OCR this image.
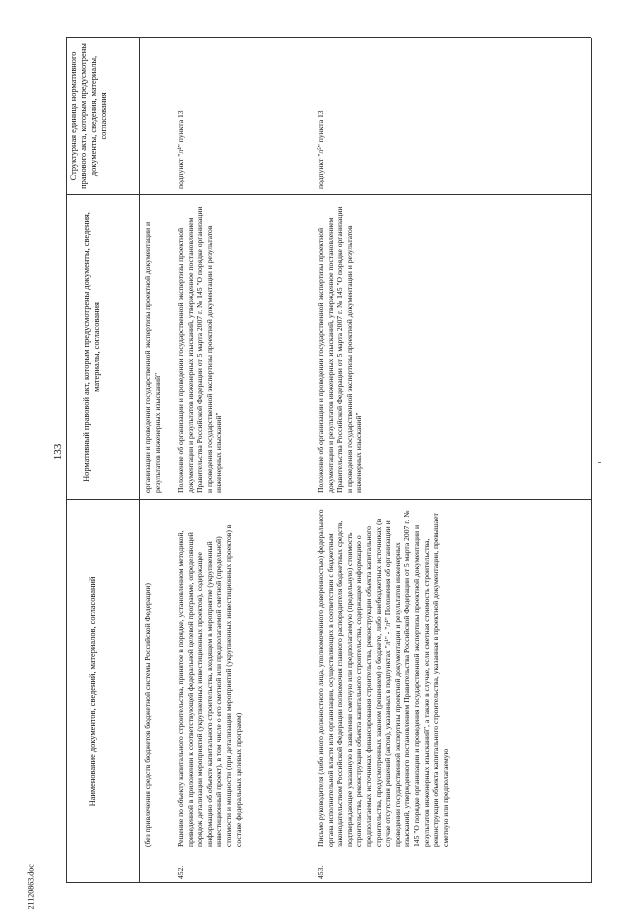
133
21120863.doc
Наименование документов, сведений, материалов, согласований
Нормативный правовой акт, которым предусмотрены документы, сведения, материалы, согласования
Структурная единица нормативного правового акта, которым предусмотрены документы, сведения, материалы, согласования
(без привлечения средств бюджетов бюджетной системы Российской Федерации)
организации и проведении государственной экспертизы проектной документации и результатов инженерных изысканий"
452.
Решение по объекту капитального строительства, принятое в порядке, установленном методикой, приведенной в приложении к соответствующей федеральной целевой программе, определяющей порядок детализации мероприятий (укрупненных инвестиционных проектов), содержащее информацию об объекте капитального строительства, входящем в мероприятие (укрупненный инвестиционный проект), в том числе о его сметной или предполагаемой сметной (предельной) стоимости и мощности (при детализации мероприятий (укрупненных инвестиционных проектов) в составе федеральных целевых программ)
Положение об организации и проведении государственной экспертизы проектной документации и результатов инженерных изысканий, утвержденное постановлением Правительства Российской Федерации от 5 марта 2007 г. № 145 "О порядке организации и проведения государственной экспертизы проектной документации и результатов инженерных изысканий"
подпункт "л⁴" пункта 13
453.
Письмо руководителя (либо иного должностного лица, уполномоченного доверенностью) федерального органа исполнительной власти или организации, осуществляющих в соответствии с бюджетным законодательством Российской Федерации полномочия главного распорядителя бюджетных средств, подтверждающее указанную в заявлении сметную или предполагаемую (предельную) стоимость строительства, реконструкции объекта капитального строительства, содержащее информацию о предполагаемых источниках финансирования строительства, реконструкции объекта капитального строительства, предусмотренных законом (решением) о бюджете, либо внебюджетных источниках (в случае отсутствия решений (актов), указанных в подпунктах "л¹" - "л⁴" Положения об организации и проведении государственной экспертизы проектной документации и результатов инженерных изысканий, утвержденного постановлением Правительства Российской Федерации от 5 марта 2007 г. № 145 "О порядке организации и проведения государственной экспертизы проектной документации и результатов инженерных изысканий", а также в случае, если сметная стоимость строительства, реконструкции объекта капитального строительства, указанная в проектной документации, превышает сметную или предполагаемую
Положение об организации и проведении государственной экспертизы проектной документации и результатов инженерных изысканий, утвержденное постановлением Правительства Российской Федерации от 5 марта 2007 г. № 145 "О порядке организации и проведения государственной экспертизы проектной документации и результатов инженерных изысканий"
подпункт "л⁵" пункта 13
